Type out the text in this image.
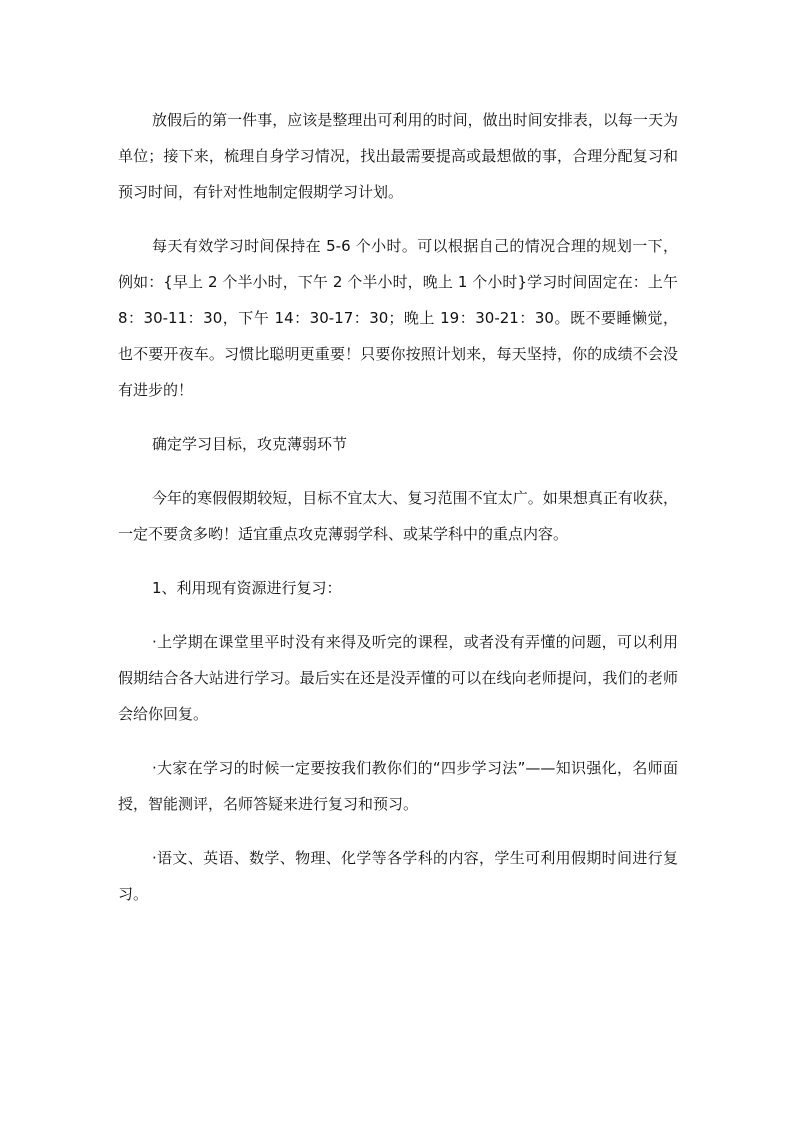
放假后的第一件事，应该是整理出可利用的时间，做出时间安排表，以每一天为单位；接下来，梳理自身学习情况，找出最需要提高或最想做的事，合理分配复习和预习时间，有针对性地制定假期学习计划。

每天有效学习时间保持在 5-6 个小时。可以根据自己的情况合理的规划一下，例如：{早上 2 个半小时，下午 2 个半小时，晚上 1 个小时}学习时间固定在：上午 8：30-11：30，下午 14：30-17：30；晚上 19：30-21：30。既不要睡懒觉，也不要开夜车。习惯比聪明更重要！只要你按照计划来，每天坚持，你的成绩不会没有进步的！

确定学习目标，攻克薄弱环节

今年的寒假假期较短，目标不宜太大、复习范围不宜太广。如果想真正有收获，一定不要贪多哟！适宜重点攻克薄弱学科、或某学科中的重点内容。

1、利用现有资源进行复习：

·上学期在课堂里平时没有来得及听完的课程，或者没有弄懂的问题，可以利用假期结合各大站进行学习。最后实在还是没弄懂的可以在线向老师提问，我们的老师会给你回复。

·大家在学习的时候一定要按我们教你们的“四步学习法”——知识强化，名师面授，智能测评，名师答疑来进行复习和预习。

·语文、英语、数学、物理、化学等各学科的内容，学生可利用假期时间进行复习。
